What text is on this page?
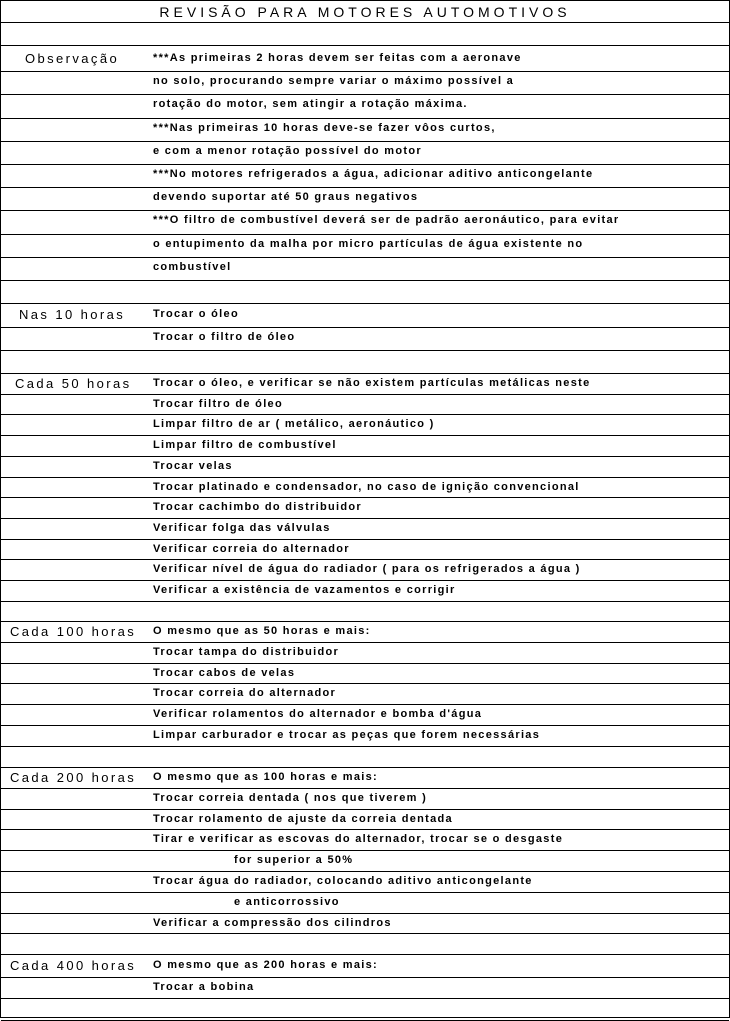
REVISÃO PARA MOTORES AUTOMOTIVOS
Observação	***As primeiras 2 horas devem ser feitas com a aeronave
no solo, procurando sempre variar o máximo possível a
rotação do motor, sem atingir a rotação máxima.
***Nas primeiras 10 horas deve-se fazer vôos curtos,
e com a menor rotação possível do motor
***No motores refrigerados a água, adicionar aditivo anticongelante
devendo suportar até 50 graus negativos
***O filtro de combustível deverá ser de padrão aeronáutico, para evitar
o entupimento da malha por micro partículas de água existente no
combustível
Nas 10 horas	Trocar o óleo
Trocar o filtro de óleo
Cada 50 horas Trocar o óleo, e verificar se não existem partículas metálicas neste
Trocar filtro de óleo
Limpar filtro de ar ( metálico, aeronáutico )
Limpar filtro de combustível
Trocar velas
Trocar platinado e condensador, no caso de ignição convencional
Trocar cachimbo do distribuidor
Verificar folga das válvulas
Verificar correia do alternador
Verificar nível de água do radiador ( para os refrigerados a água )
Verificar a existência de vazamentos e corrigir
Cada 100 horas O mesmo que as 50 horas e mais:
Trocar tampa do distribuidor
Trocar cabos de velas
Trocar correia do alternador
Verificar rolamentos do alternador e bomba d'água
Limpar carburador e trocar as peças que forem necessárias
Cada 200 horas O mesmo que as 100 horas e mais:
Trocar correia dentada ( nos que tiverem )
Trocar rolamento de ajuste da correia dentada
Tirar e verificar as escovas do alternador, trocar se o desgaste
for superior a 50%
Trocar água do radiador, colocando aditivo anticongelante
e anticorrossivo
Verificar a compressão dos cilindros
Cada 400 horas O mesmo que as 200 horas e mais:
Trocar a bobina
